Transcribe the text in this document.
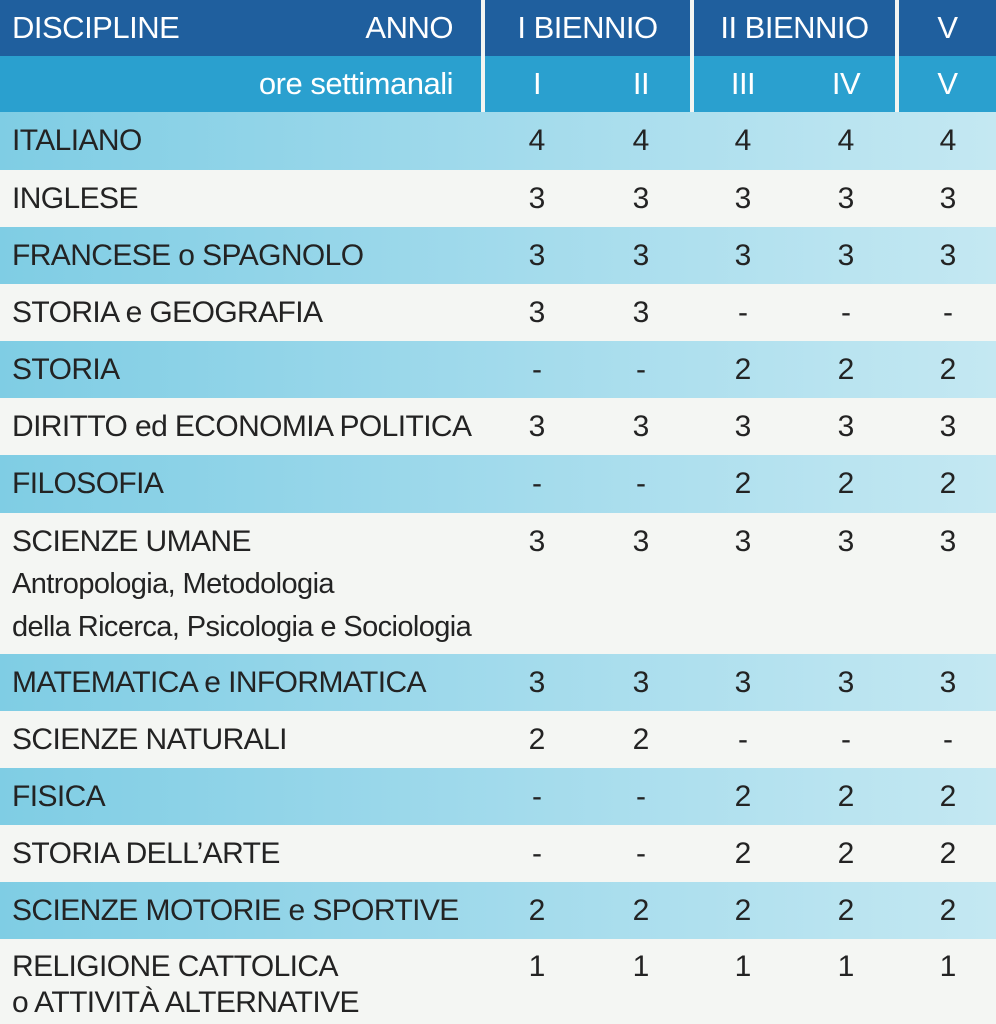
DISCIPLINE	ANNO	I BIENNIO	II BIENNIO	V
ore settimanali	I	II	III	IV	V
ITALIANO	4	4	4	4	4
INGLESE	3	3	3	3	3
FRANCESE o SPAGNOLO	3	3	3	3	3
STORIA e GEOGRAFIA	3	3	-	-	-
STORIA	-	-	2	2	2
DIRITTO ed ECONOMIA POLITICA	3	3	3	3	3
FILOSOFIA	-	-	2	2	2
SCIENZE UMANE
Antropologia, Metodologia
della Ricerca, Psicologia e Sociologia
3	3	3	3	3
MATEMATICA e INFORMATICA	3	3	3	3	3
SCIENZE NATURALI	2	2	-	-	-
FISICA	-	-	2	2	2
STORIA DELL’ARTE	-	-	2	2	2
SCIENZE MOTORIE e SPORTIVE	2	2	2	2	2
RELIGIONE CATTOLICA
o ATTIVITÀ ALTERNATIVE
1	1	1	1	1
